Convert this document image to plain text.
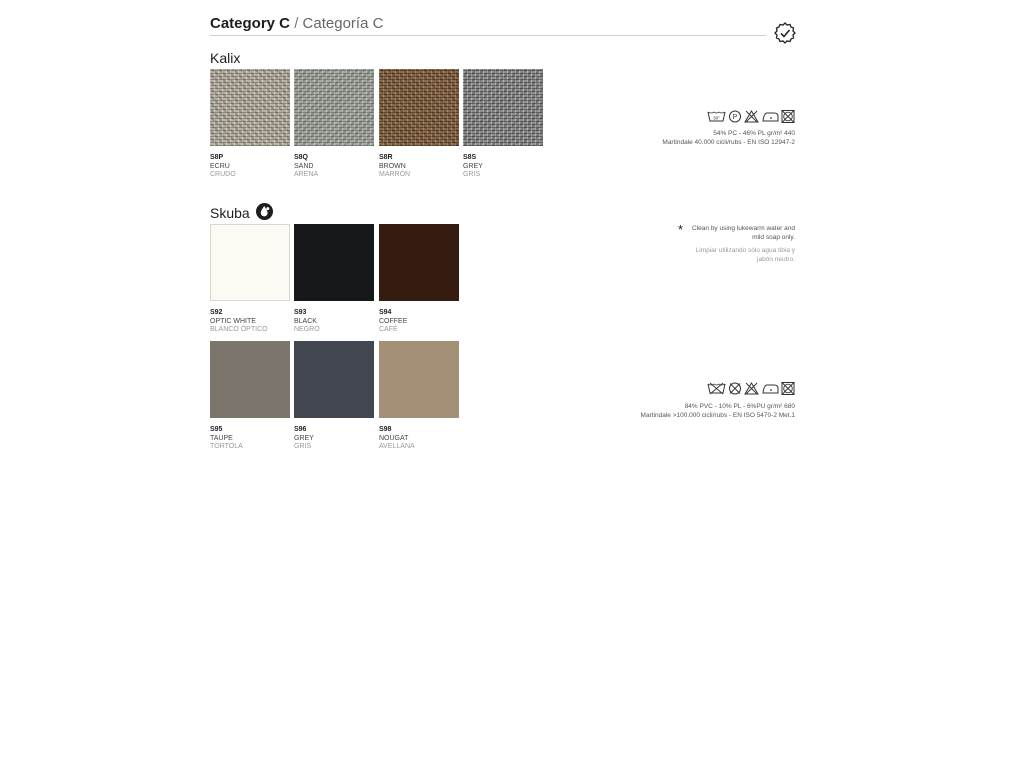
Category C / Categoría C
Kalix
S8P
ECRU
CRUDO
S8Q
SAND
ARENA
S8R
BROWN
MARRÓN
S8S
GREY
GRIS
30° P
54% PC - 46% PL gr/m² 440
Martindale 40.000 cicli/rubs - EN ISO 12947-2
Skuba
S92
OPTIC WHITE
BLANCO ÓPTICO
S93
BLACK
NEGRO
S94
COFFEE
CAFÉ
S95
TAUPE
TÓRTOLA
S96
GREY
GRIS
S98
NOUGAT
AVELLANA
* Clean by using lukewarm water and
mild soap only.
Limpiar utilizando sólo agua tibia y
jabón neutro.
84% PVC - 10% PL - 6%PU gr/m² 680
Martindale >100.000 cicli/rubs - EN ISO 5470-2 Met.1
